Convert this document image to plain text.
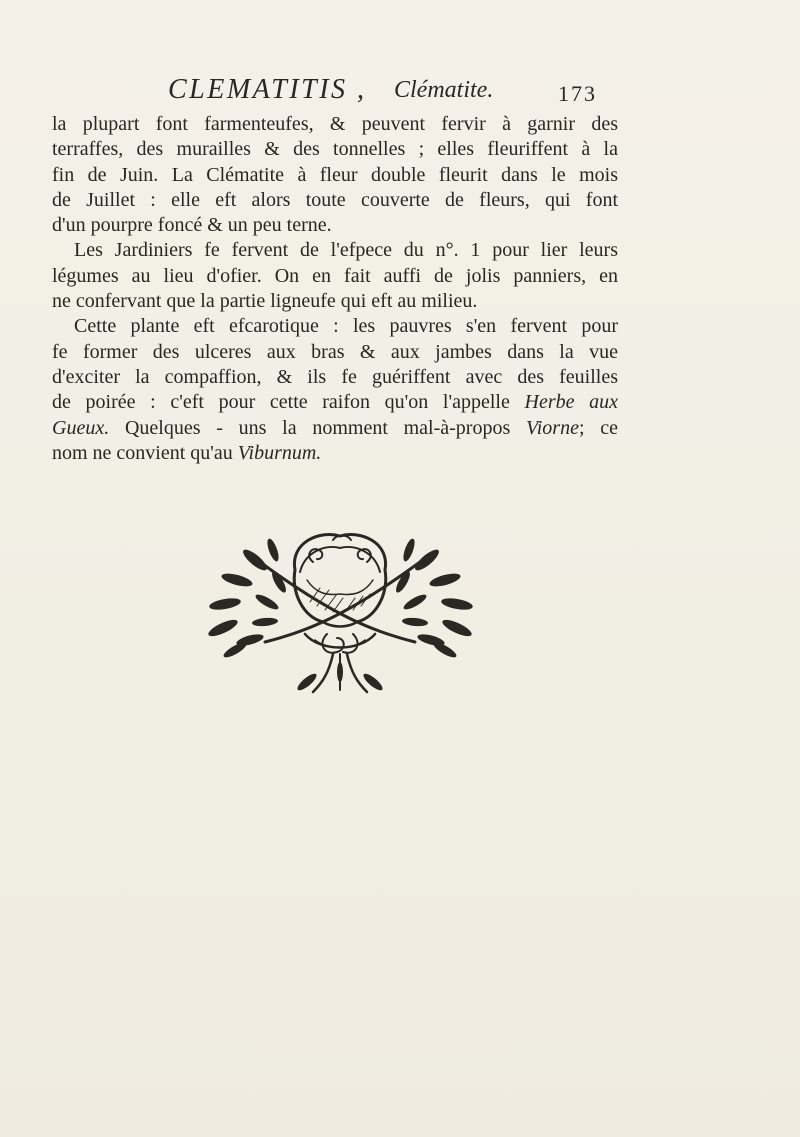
CLEMATITIS , Clématite.	173
la plupart font farmenteufes, & peuvent fervir à garnir des
terraffes, des murailles & des tonnelles ; elles fleuriffent à la
fin de Juin. La Clématite à fleur double fleurit dans le mois
de Juillet : elle eft alors toute couverte de fleurs, qui font
d'un pourpre foncé & un peu terne.
Les Jardiniers fe fervent de l'efpece du n°. 1 pour lier leurs
légumes au lieu d'ofier. On en fait auffi de jolis panniers, en
ne confervant que la partie ligneufe qui eft au milieu.
Cette plante eft efcarotique : les pauvres s'en fervent pour
fe former des ulceres aux bras & aux jambes dans la vue
d'exciter la compaffion, & ils fe guériffent avec des feuilles
de poirée : c'eft pour cette raifon qu'on l'appelle Herbe aux
Gueux. Quelques - uns la nomment mal-à-propos Viorne; ce
nom ne convient qu'au Viburnum.
